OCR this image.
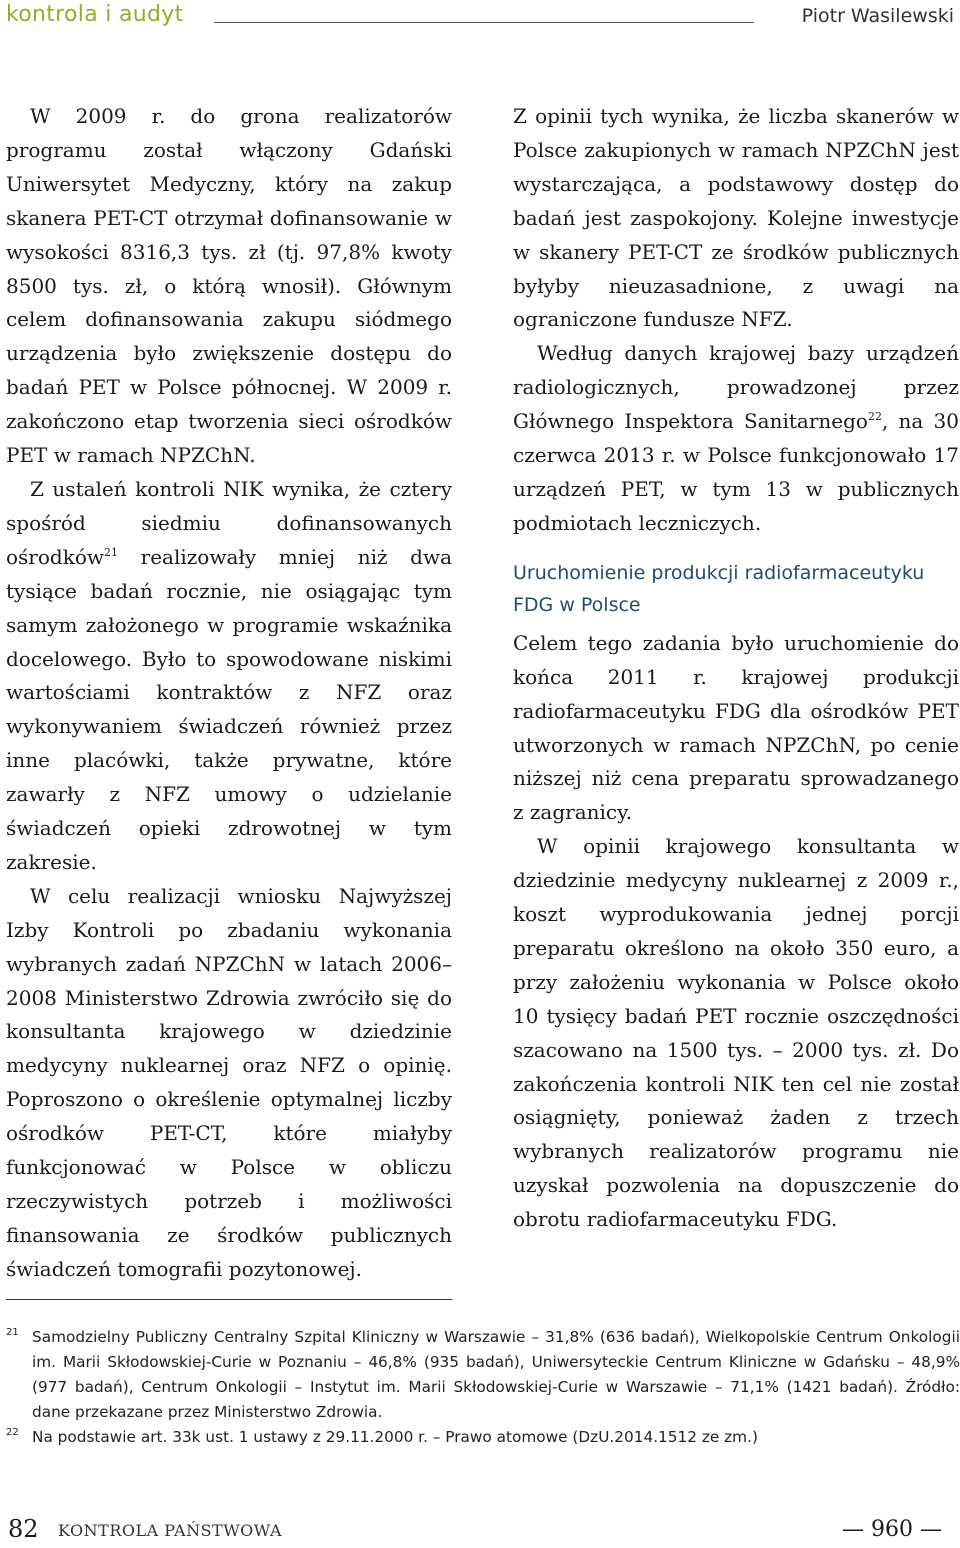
kontrola i audyt	Piotr Wasilewski

W 2009 r. do grona realizatorów programu został włączony Gdański Uniwersytet Medyczny, który na zakup skanera PET-CT otrzymał dofinansowanie w wysokości 8316,3 tys. zł (tj. 97,8% kwoty 8500 tys. zł, o którą wnosił). Głównym celem dofinansowania zakupu siódmego urządzenia było zwiększenie dostępu do badań PET w Polsce północnej. W 2009 r. zakończono etap tworzenia sieci ośrodków PET w ramach NPZChN.

Z ustaleń kontroli NIK wynika, że cztery spośród siedmiu dofinansowanych ośrodków$^{21}$ realizowały mniej niż dwa tysiące badań rocznie, nie osiągając tym samym założonego w programie wskaźnika docelowego. Było to spowodowane niskimi wartościami kontraktów z NFZ oraz wykonywaniem świadczeń również przez inne placówki, także prywatne, które zawarły z NFZ umowy o udzielanie świadczeń opieki zdrowotnej w tym zakresie.

W celu realizacji wniosku Najwyższej Izby Kontroli po zbadaniu wykonania wybranych zadań NPZChN w latach 2006–2008 Ministerstwo Zdrowia zwróciło się do konsultanta krajowego w dziedzinie medycyny nuklearnej oraz NFZ o opinię. Poproszono o określenie optymalnej liczby ośrodków PET-CT, które miałyby funkcjonować w Polsce w obliczu rzeczywistych potrzeb i możliwości finansowania ze środków publicznych świadczeń tomografii pozytonowej.

Z opinii tych wynika, że liczba skanerów w Polsce zakupionych w ramach NPZChN jest wystarczająca, a podstawowy dostęp do badań jest zaspokojony. Kolejne inwestycje w skanery PET-CT ze środków publicznych byłyby nieuzasadnione, z uwagi na ograniczone fundusze NFZ.

Według danych krajowej bazy urządzeń radiologicznych, prowadzonej przez Głównego Inspektora Sanitarnego$^{22}$, na 30 czerwca 2013 r. w Polsce funkcjonowało 17 urządzeń PET, w tym 13 w publicznych podmiotach leczniczych.

Uruchomienie produkcji radiofarmaceutyku FDG w Polsce

Celem tego zadania było uruchomienie do końca 2011 r. krajowej produkcji radiofarmaceutyku FDG dla ośrodków PET utworzonych w ramach NPZChN, po cenie niższej niż cena preparatu sprowadzanego z zagranicy.

W opinii krajowego konsultanta w dziedzinie medycyny nuklearnej z 2009 r., koszt wyprodukowania jednej porcji preparatu określono na około 350 euro, a przy założeniu wykonania w Polsce około 10 tysięcy badań PET rocznie oszczędności szacowano na 1500 tys. – 2000 tys. zł. Do zakończenia kontroli NIK ten cel nie został osiągnięty, ponieważ żaden z trzech wybranych realizatorów programu nie uzyskał pozwolenia na dopuszczenie do obrotu radiofarmaceutyku FDG.

21 Samodzielny Publiczny Centralny Szpital Kliniczny w Warszawie – 31,8% (636 badań), Wielkopolskie Centrum Onkologii im. Marii Skłodowskiej-Curie w Poznaniu – 46,8% (935 badań), Uniwersyteckie Centrum Kliniczne w Gdańsku – 48,9% (977 badań), Centrum Onkologii – Instytut im. Marii Skłodowskiej-Curie w Warszawie – 71,1% (1421 badań). Źródło: dane przekazane przez Ministerstwo Zdrowia.

22 Na podstawie art. 33k ust. 1 ustawy z 29.11.2000 r. – Prawo atomowe (DzU.2014.1512 ze zm.)

82 KONTROLA PAŃSTWOWA	— 960 —
